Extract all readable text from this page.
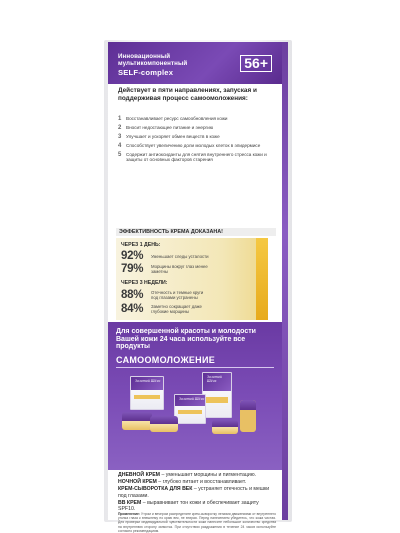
Инновационный
мультикомпонентный
SELF-complex
56+
Действует в пяти направлениях, запуская и поддерживая процесс самоомоложения:
1	Восстанавливает ресурс самообновления кожи
2	Вносит недостающее питание и энергию
3	Улучшает и ускоряет обмен веществ в коже
4	Способствует увеличению доли молодых клеток в эпидермисе
5	Содержит антиоксиданты для снятия внутреннего стресса кожи и защиты от основных факторов старения
ЭФФЕКТИВНОСТЬ КРЕМА ДОКАЗАНА!
ЧЕРЕЗ 1 ДЕНЬ:
92%	Уменьшает следы усталости
79%	Морщины вокруг глаз менее заметны
ЧЕРЕЗ 3 НЕДЕЛИ:
88%	Отечность и темные круги под глазами устранены
84%	Заметно сокращает даже глубокие морщины
Для совершенной красоты и молодости Вашей кожи 24 часа используйте все продукты
САМООМОЛОЖЕНИЕ
Золотой Шёлк
Золотой Шёлк
Золотой Шёлк
ДНЕВНОЙ КРЕМ – уменьшает морщины и пигментацию.
НОЧНОЙ КРЕМ – глубоко питает и восстанавливает.
КРЕМ-СЫВОРОТКА ДЛЯ ВЕК – устраняет отечность и мешки под глазами.
BB КРЕМ – выравнивает тон кожи и обеспечивает защиту SPF10.
Применение: Утром и вечером распределите крем-сыворотку легкими движениями от внутреннего уголка глаза к внешнему по краю век, не втирая. Перед нанесением убедитесь, что кожа чистая. Для проверки индивидуальной чувствительности кожи нанесите небольшое количество средства на внутреннюю сторону запястья. При отсутствии раздражения в течение 24 часов используйте согласно рекомендациям.
